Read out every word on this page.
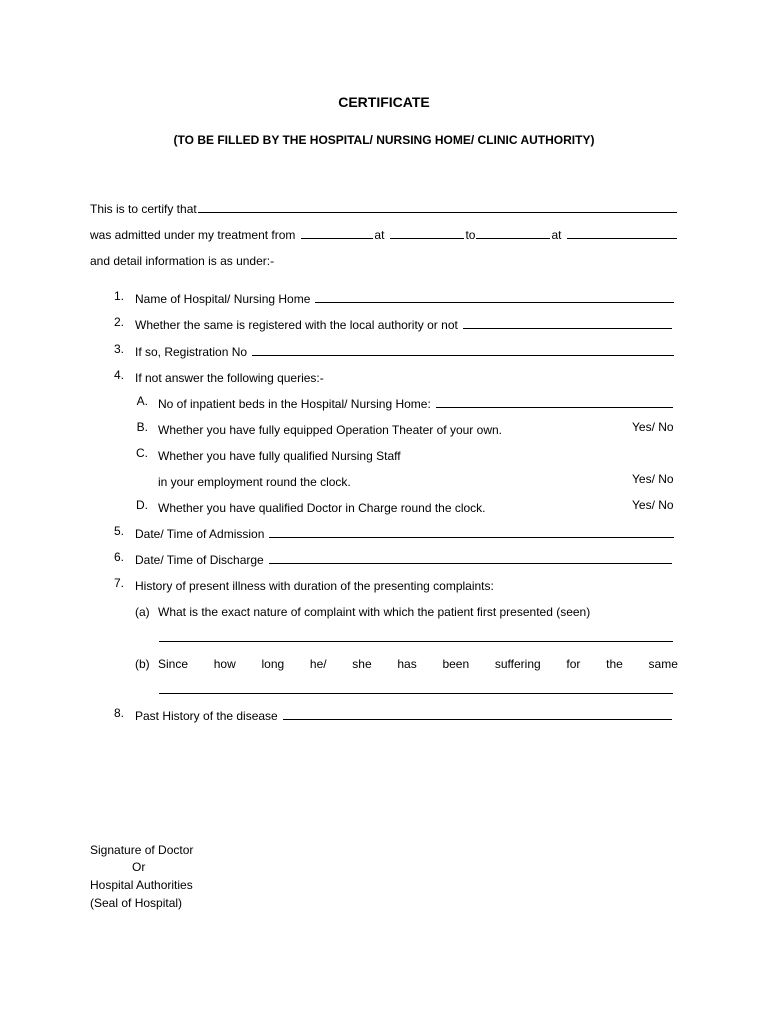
CERTIFICATE
(TO BE FILLED BY THE HOSPITAL/ NURSING HOME/ CLINIC AUTHORITY)
This is to certify that
was admitted under my treatment from	at	to	at
and detail information is as under:-
1. Name of Hospital/ Nursing Home
2. Whether the same is registered with the local authority or not
3. If so, Registration No
4. If not answer the following queries:-
A. No of inpatient beds in the Hospital/ Nursing Home:
B. Whether you have fully equipped Operation Theater of your own.	Yes/ No
C. Whether you have fully qualified Nursing Staff
in your employment round the clock.	Yes/ No
D. Whether you have qualified Doctor in Charge round the clock.	Yes/ No
5. Date/ Time of Admission
6. Date/ Time of Discharge
7. History of present illness with duration of the presenting complaints:
(a) What is the exact nature of complaint with which the patient first presented (seen)
(b) Since how long he/ she has been suffering for the same
8. Past History of the disease
Signature of Doctor
Or
Hospital Authorities
(Seal of Hospital)
